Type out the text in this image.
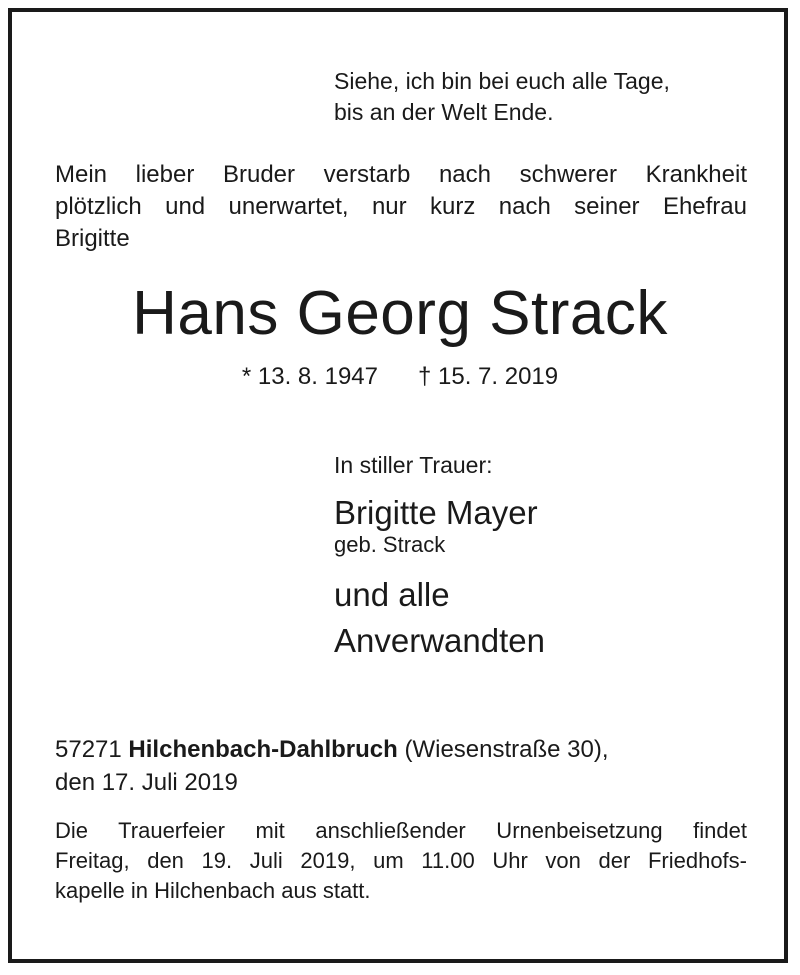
Siehe, ich bin bei euch alle Tage,
bis an der Welt Ende.
Mein lieber Bruder verstarb nach schwerer Krankheit
plötzlich und unerwartet, nur kurz nach seiner Ehefrau
Brigitte
Hans Georg Strack
* 13. 8. 1947 † 15. 7. 2019
In stiller Trauer:
Brigitte Mayer
geb. Strack
und alle
Anverwandten
57271 Hilchenbach-Dahlbruch (Wiesenstraße 30),
den 17. Juli 2019
Die Trauerfeier mit anschließender Urnenbeisetzung findet
Freitag, den 19. Juli 2019, um 11.00 Uhr von der Friedhofs-
kapelle in Hilchenbach aus statt.
